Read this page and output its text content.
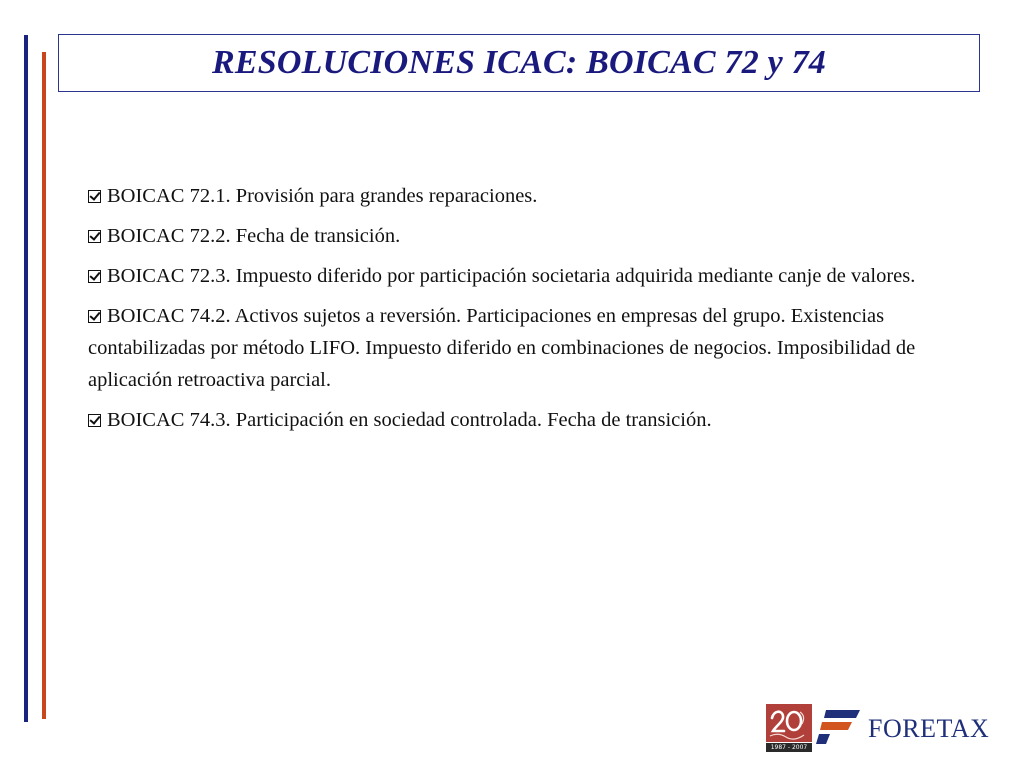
RESOLUCIONES ICAC: BOICAC 72 y 74

BOICAC 72.1. Provisión para grandes reparaciones.

BOICAC 72.2. Fecha de transición.

BOICAC 72.3. Impuesto diferido por participación societaria adquirida mediante canje de valores.

BOICAC 74.2. Activos sujetos a reversión. Participaciones en empresas del grupo. Existencias contabilizadas por método LIFO. Impuesto diferido en combinaciones de negocios. Imposibilidad de aplicación retroactiva parcial.

BOICAC 74.3. Participación en sociedad controlada. Fecha de transición.

1987 - 2007
FORETAX
